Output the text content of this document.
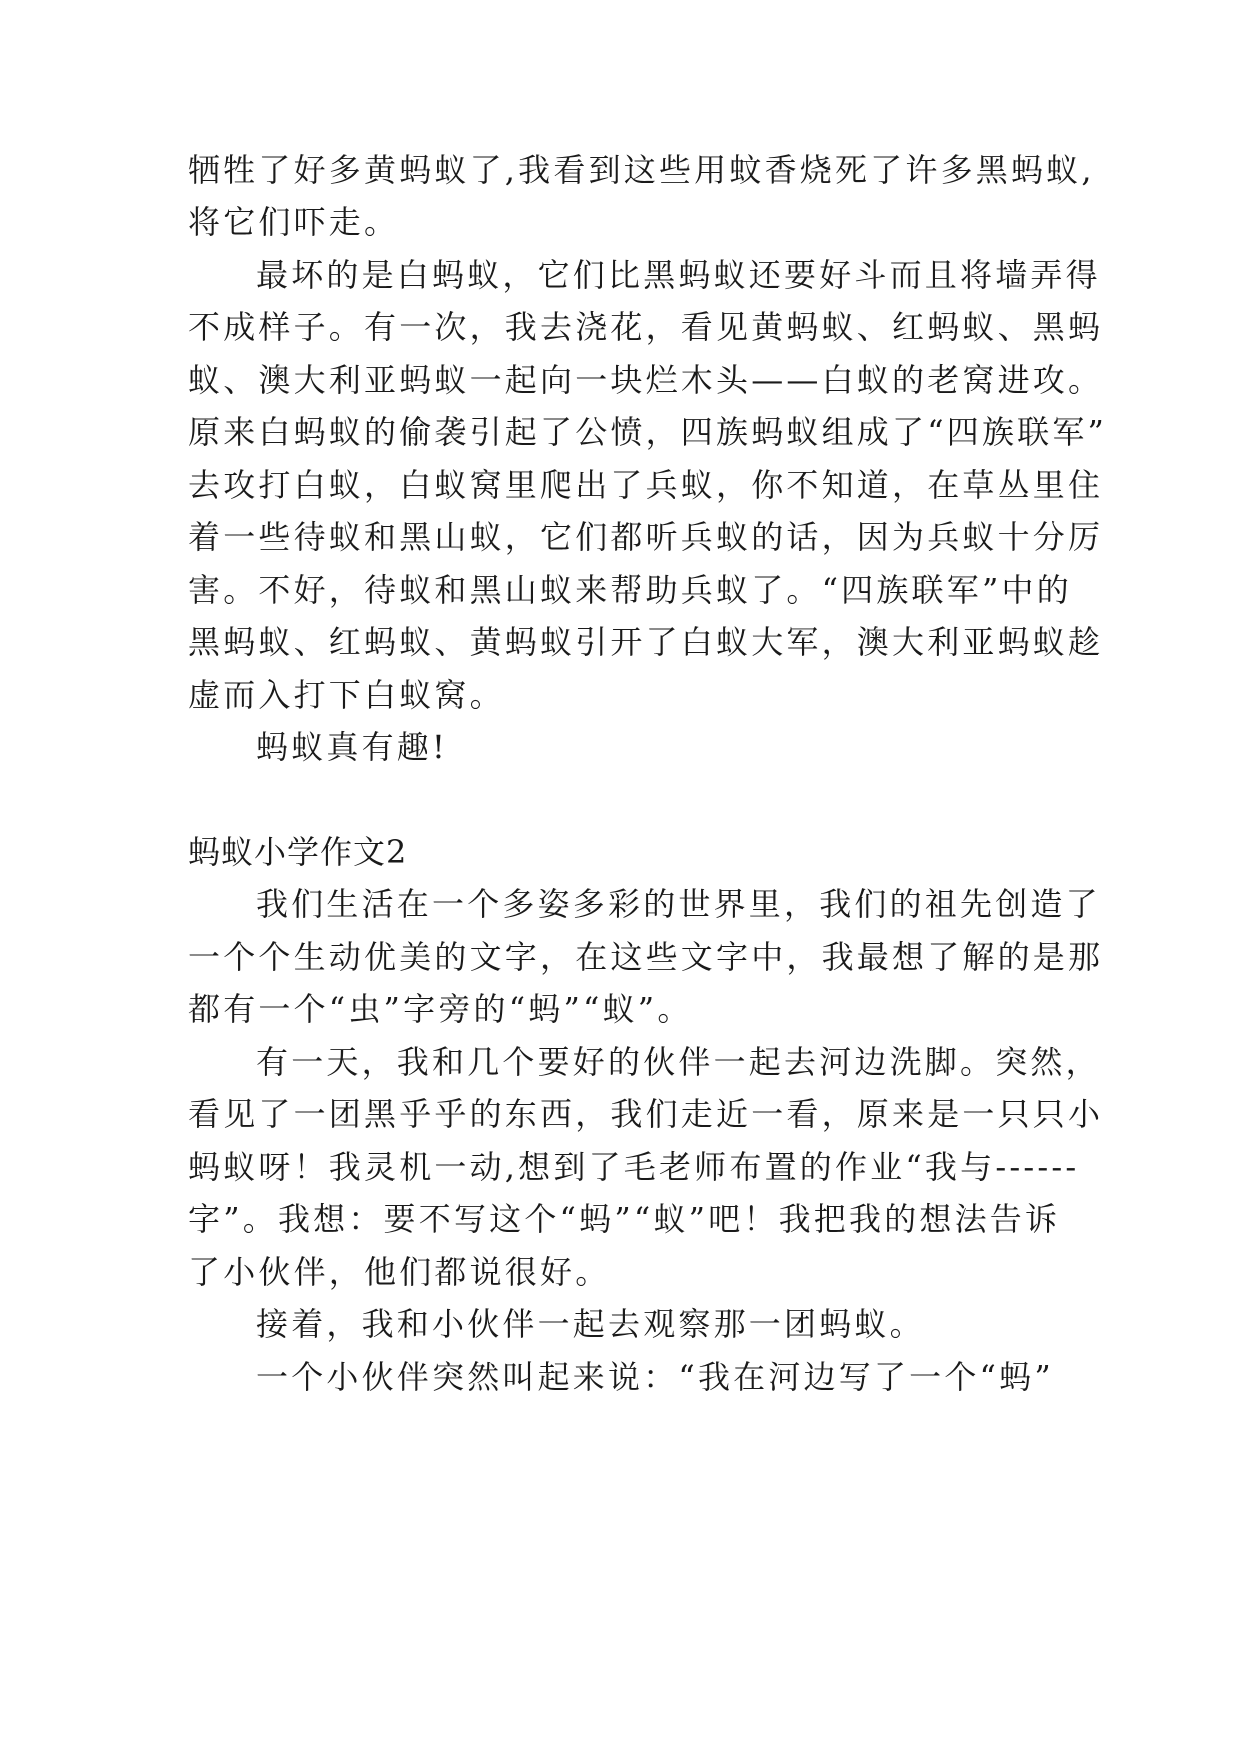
牺牲了好多黄蚂蚁了,我看到这些用蚊香烧死了许多黑蚂蚁,
将它们吓走。
最坏的是白蚂蚁，它们比黑蚂蚁还要好斗而且将墙弄得
不成样子。有一次，我去浇花，看见黄蚂蚁、红蚂蚁、黑蚂
蚁、澳大利亚蚂蚁一起向一块烂木头——白蚁的老窝进攻。
原来白蚂蚁的偷袭引起了公愤，四族蚂蚁组成了“四族联军”
去攻打白蚁，白蚁窝里爬出了兵蚁，你不知道，在草丛里住
着一些待蚁和黑山蚁，它们都听兵蚁的话，因为兵蚁十分厉
害。不好，待蚁和黑山蚁来帮助兵蚁了。“四族联军”中的
黑蚂蚁、红蚂蚁、黄蚂蚁引开了白蚁大军，澳大利亚蚂蚁趁
虚而入打下白蚁窝。
蚂蚁真有趣!
蚂蚁小学作文2
我们生活在一个多姿多彩的世界里，我们的祖先创造了
一个个生动优美的文字，在这些文字中，我最想了解的是那
都有一个“虫”字旁的“蚂”“蚁”。
有一天，我和几个要好的伙伴一起去河边洗脚。突然，
看见了一团黑乎乎的东西，我们走近一看，原来是一只只小
蚂蚁呀！我灵机一动,想到了毛老师布置的作业“我与------
字”。我想：要不写这个“蚂”“蚁”吧！我把我的想法告诉
了小伙伴，他们都说很好。
接着，我和小伙伴一起去观察那一团蚂蚁。
一个小伙伴突然叫起来说：“我在河边写了一个“蚂”
